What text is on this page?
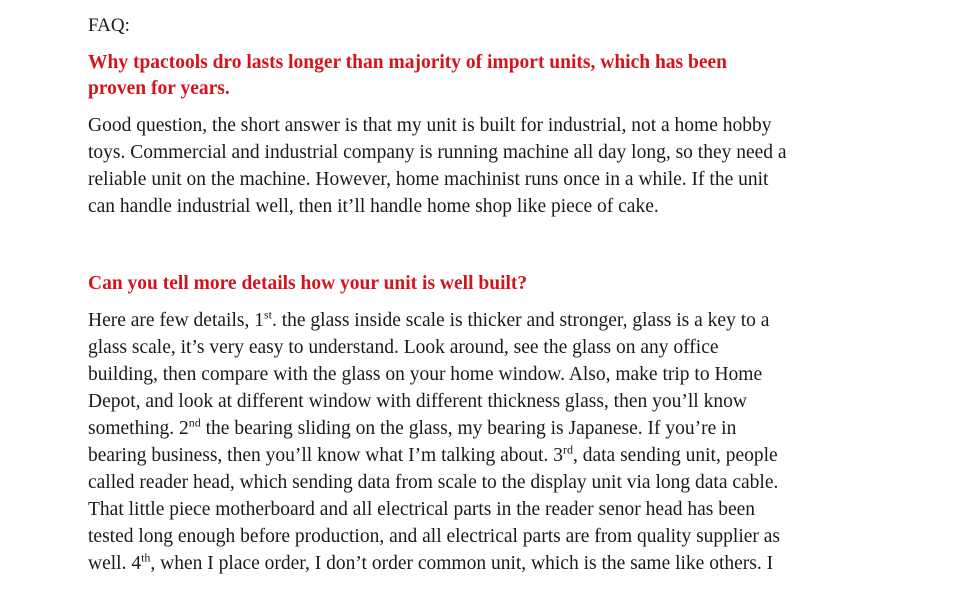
FAQ:
Why tpactools dro lasts longer than majority of import units, which has been
proven for years.
Good question, the short answer is that my unit is built for industrial, not a home hobby
toys. Commercial and industrial company is running machine all day long, so they need a
reliable unit on the machine. However, home machinist runs once in a while. If the unit
can handle industrial well, then it’ll handle home shop like piece of cake.
Can you tell more details how your unit is well built?
Here are few details, 1st. the glass inside scale is thicker and stronger, glass is a key to a
glass scale, it’s very easy to understand. Look around, see the glass on any office
building, then compare with the glass on your home window. Also, make trip to Home
Depot, and look at different window with different thickness glass, then you’ll know
something. 2nd the bearing sliding on the glass, my bearing is Japanese. If you’re in
bearing business, then you’ll know what I’m talking about. 3rd, data sending unit, people
called reader head, which sending data from scale to the display unit via long data cable.
That little piece motherboard and all electrical parts in the reader senor head has been
tested long enough before production, and all electrical parts are from quality supplier as
well. 4th, when I place order, I don’t order common unit, which is the same like others. I
